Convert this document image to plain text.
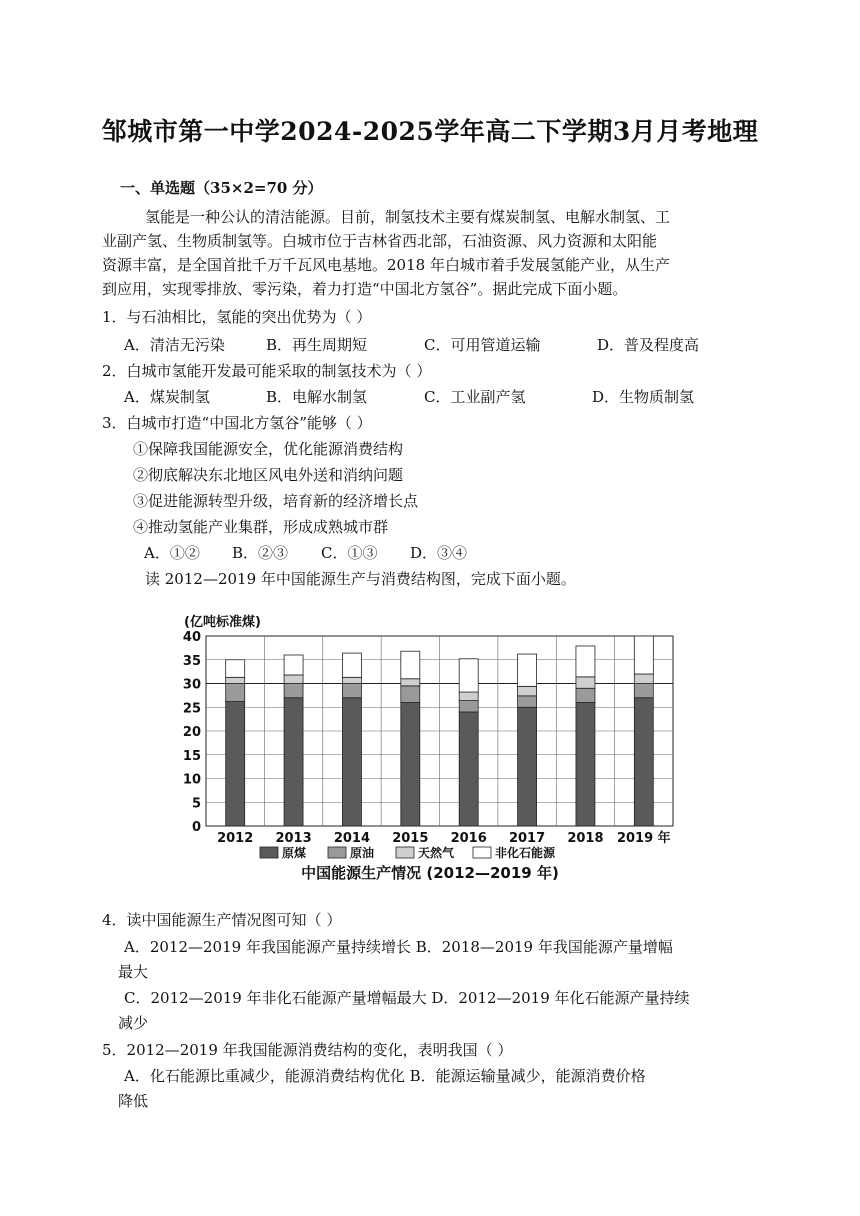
邹城市第一中学2024-2025学年高二下学期3月月考地理
一、单选题（35×2=70 分）
氢能是一种公认的清洁能源。目前，制氢技术主要有煤炭制氢、电解水制氢、工
业副产氢、生物质制氢等。白城市位于吉林省西北部，石油资源、风力资源和太阳能
资源丰富，是全国首批千万千瓦风电基地。2018 年白城市着手发展氢能产业，从生产
到应用，实现零排放、零污染，着力打造“中国北方氢谷”。据此完成下面小题。
1．与石油相比，氢能的突出优势为（ ）
A．清洁无污染	B．再生周期短	C．可用管道运输	D．普及程度高
2．白城市氢能开发最可能采取的制氢技术为（ ）
A．煤炭制氢	B．电解水制氢	C．工业副产氢	D．生物质制氢
3．白城市打造“中国北方氢谷”能够（ ）
①保障我国能源安全，优化能源消费结构
②彻底解决东北地区风电外送和消纳问题
③促进能源转型升级，培育新的经济增长点
④推动氢能产业集群，形成成熟城市群
A．①② B．②③ C．①③ D．③④
读 2012—2019 年中国能源生产与消费结构图，完成下面小题。
(亿吨标准煤)
0
5
10
15
20
25
30
35
40
2012 2013 2014 2015 2016 2017 2018 2019 年
原煤	原油	天然气	非化石能源
中国能源生产情况 (2012—2019 年)
4．读中国能源生产情况图可知（ ）
A．2012—2019 年我国能源产量持续增长 B．2018—2019 年我国能源产量增幅
最大
C．2012—2019 年非化石能源产量增幅最大 D．2012—2019 年化石能源产量持续
减少
5．2012—2019 年我国能源消费结构的变化，表明我国（ ）
A．化石能源比重减少，能源消费结构优化 B．能源运输量减少，能源消费价格
降低
